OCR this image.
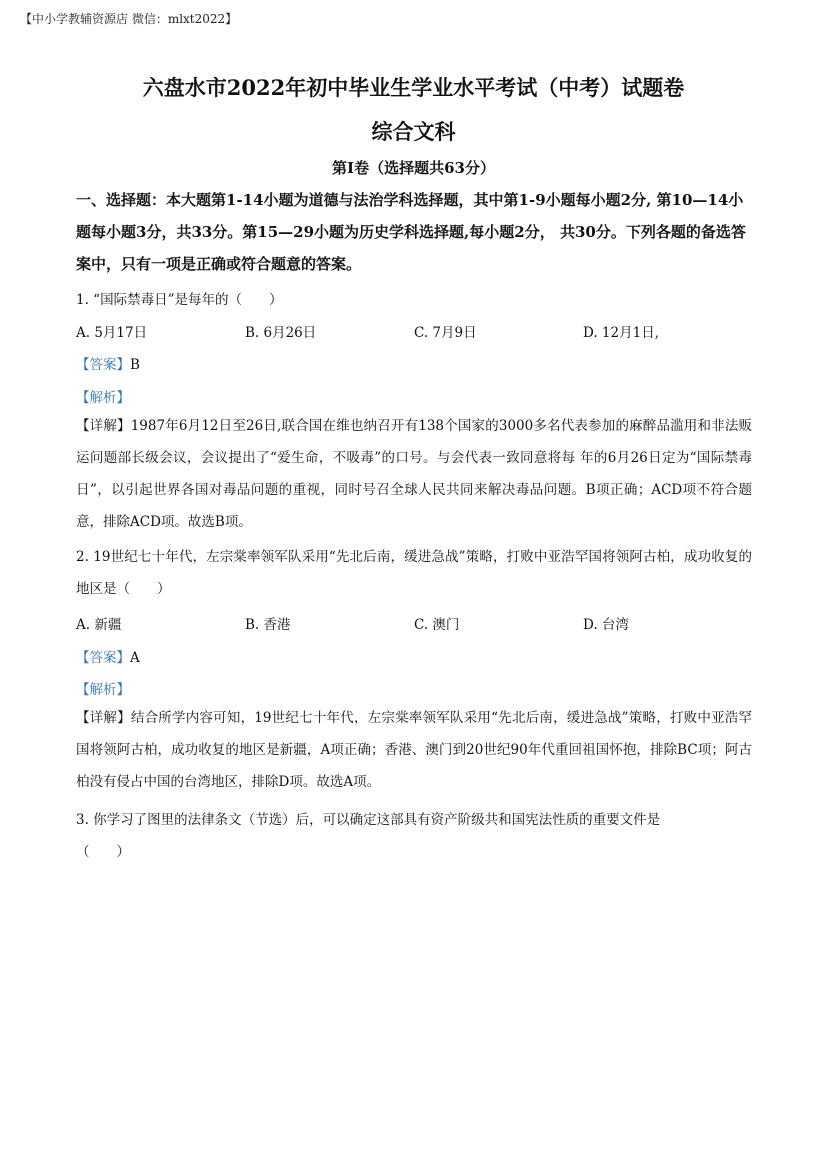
【中小学教辅资源店 微信：mlxt2022】
六盘水市2022年初中毕业生学业水平考试（中考）试题卷
综合文科
第I卷（选择题共63分）
一、选择题：本大题第1-14小题为道德与法治学科选择题，其中第1-9小题每小题2分, 第10—14小题每小题3分，共33分。第15—29小题为历史学科选择题,每小题2分， 共30分。下列各题的备选答案中，只有一项是正确或符合题意的答案。
1. “国际禁毒日”是每年的（　　）
A. 5月17日	B. 6月26日	C. 7月9日	D. 12月1日,
【答案】B
【解析】
【详解】1987年6月12日至26日,联合国在维也纳召开有138个国家的3000多名代表参加的麻醉品滥用和非法贩运问题部长级会议，会议提出了“爱生命，不吸毒”的口号。与会代表一致同意将每 年的6月26日定为“国际禁毒日”，以引起世界各国对毒品问题的重视，同时号召全球人民共同来解决毒品问题。B项正确；ACD项不符合题意，排除ACD项。故选B项。
2. 19世纪七十年代，左宗棠率领军队采用“先北后南，缓进急战”策略，打败中亚浩罕国将领阿古柏，成功收复的地区是（　　）
A. 新疆	B. 香港	C. 澳门	D. 台湾
【答案】A
【解析】
【详解】结合所学内容可知，19世纪七十年代，左宗棠率领军队采用“先北后南，缓进急战”策略，打败中亚浩罕国将领阿古柏，成功收复的地区是新疆，A项正确；香港、澳门到20世纪90年代重回祖国怀抱，排除BC项；阿古柏没有侵占中国的台湾地区，排除D项。故选A项。
3. 你学习了图里的法律条文（节选）后，可以确定这部具有资产阶级共和国宪法性质的重要文件是
（　　）
